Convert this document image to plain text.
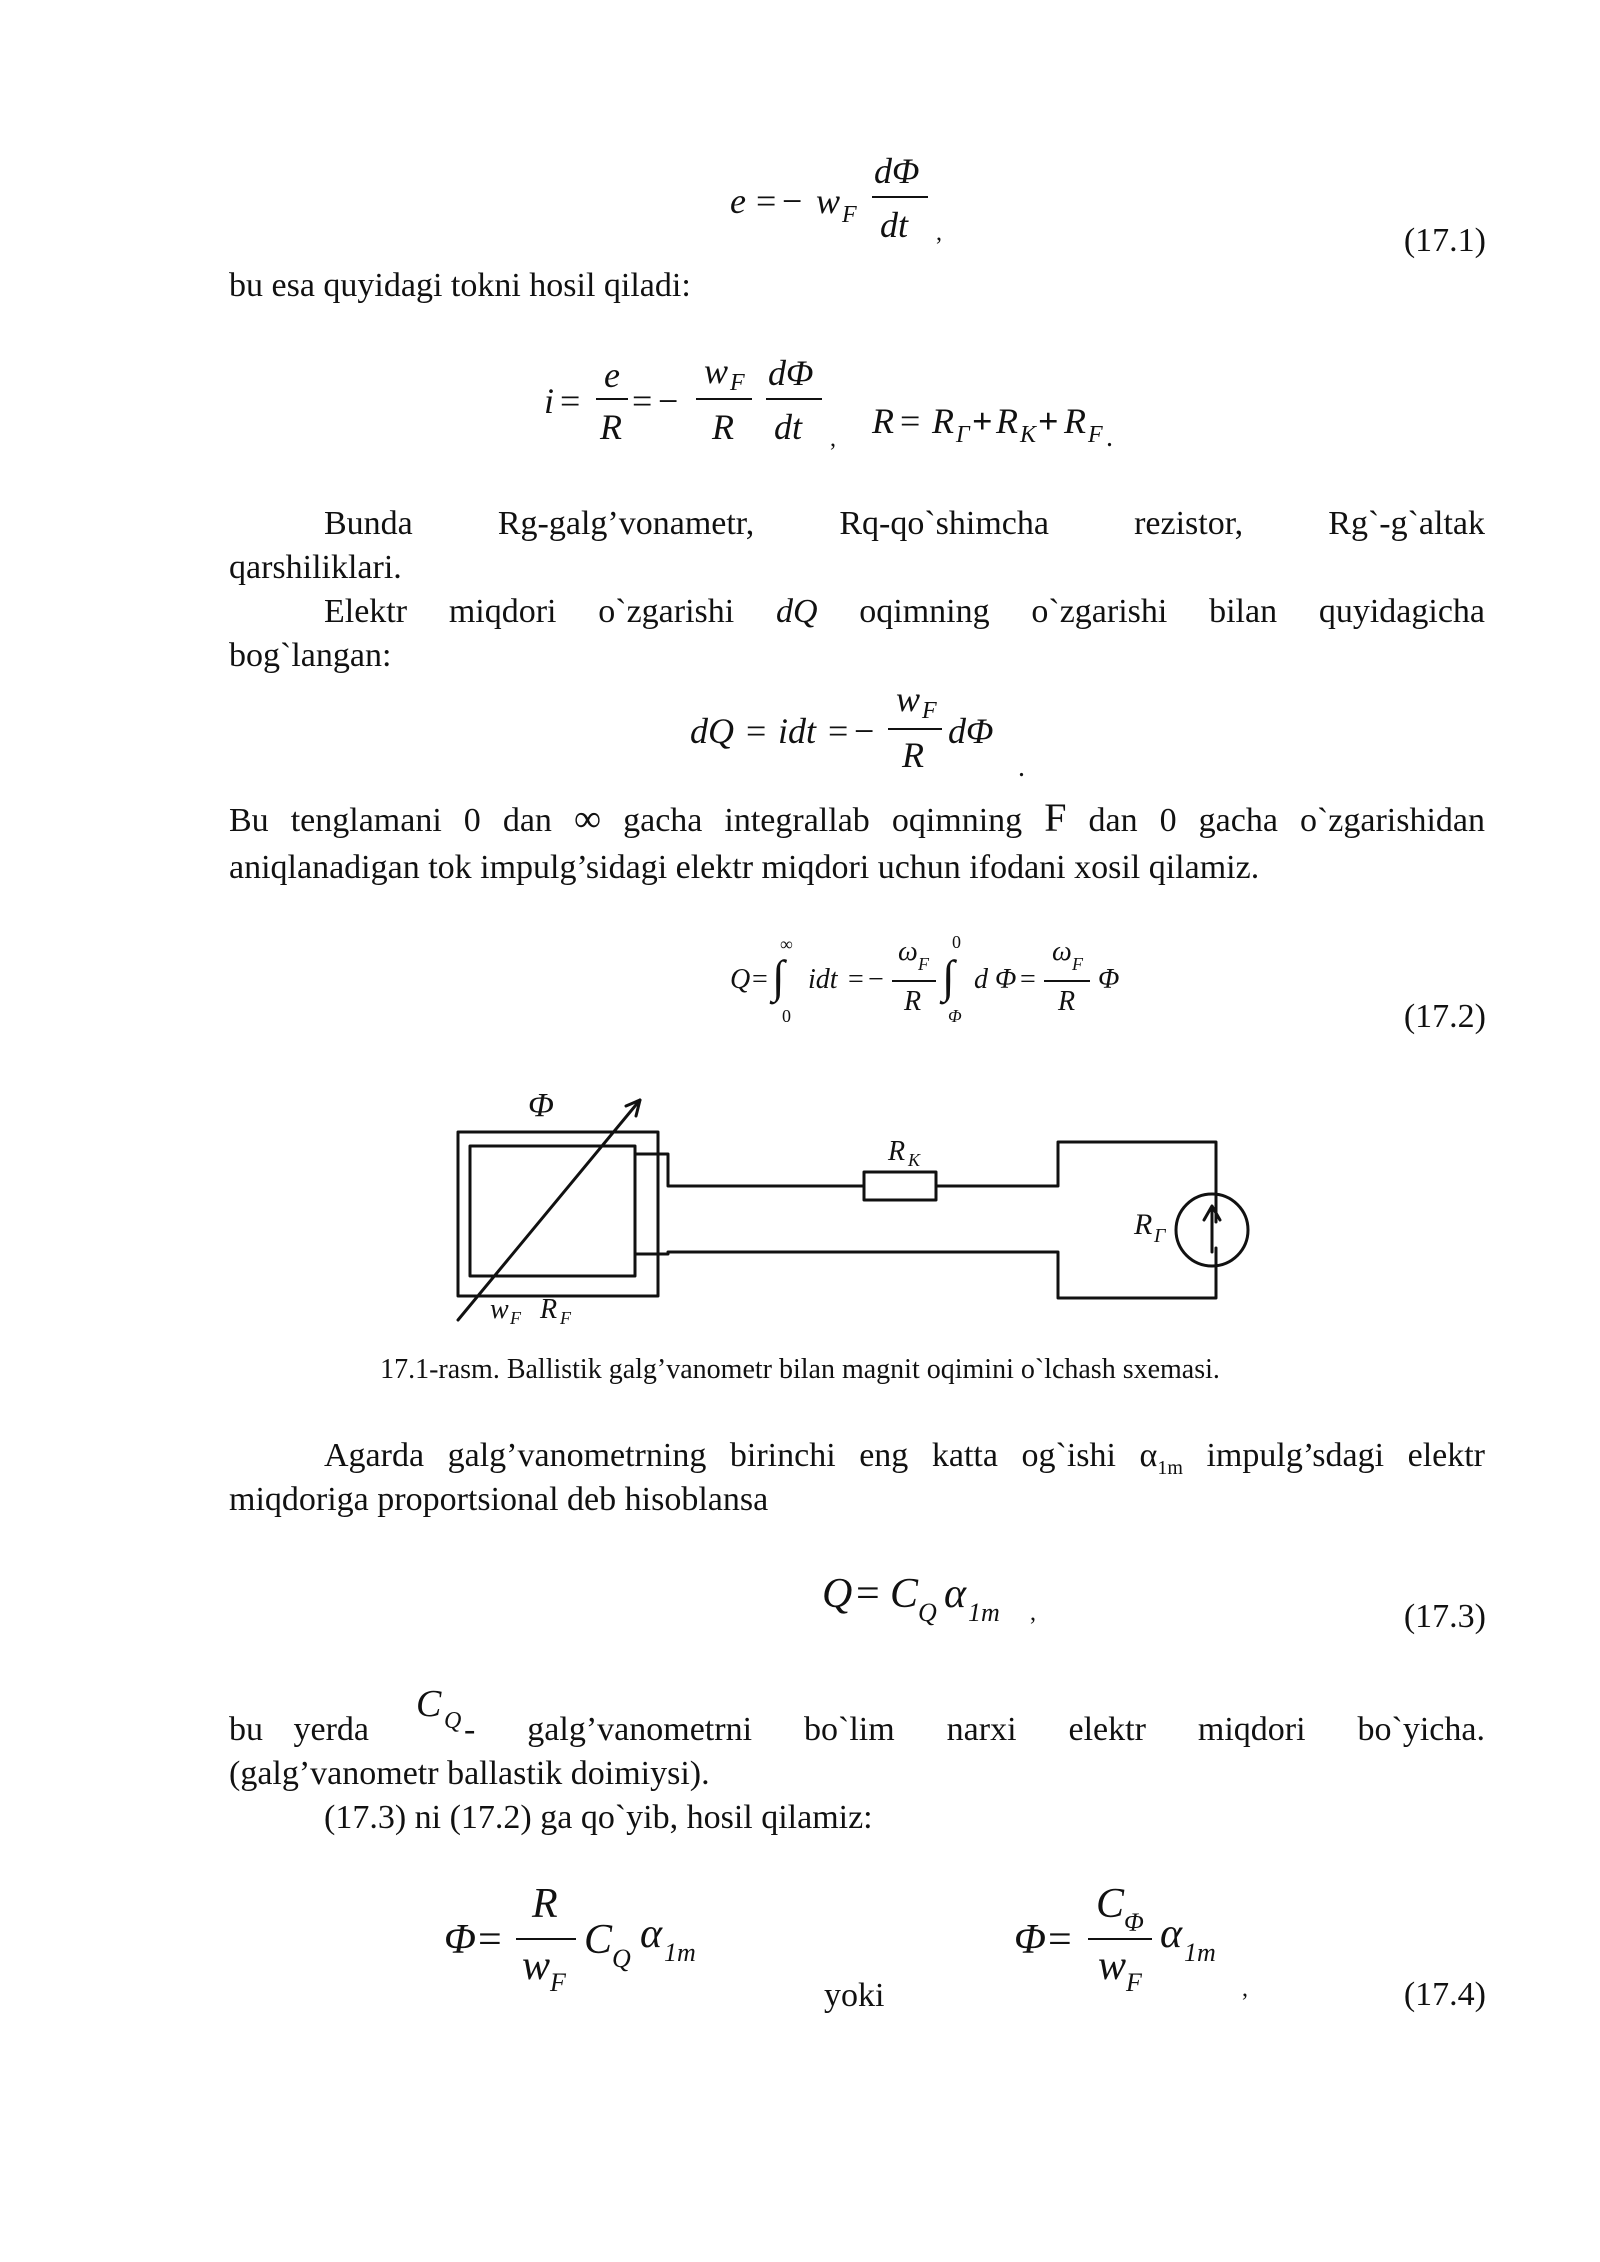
e = − w F
dΦ
dt ,	(17.1)
bu esa quyidagi tokni hosil qiladi:
i =
e
R
= −
w F
R
dΦ
dt , R = R Γ + R K + R F .
Bunda Rg-galg’vonametr, Rq-qo`shimcha rezistor, Rg`-g`altak
qarshiliklari.
Elektr miqdori o`zgarishi dQ oqimning o`zgarishi bilan quyidagicha
bog`langan:
dQ = idt = −
w F
R
dΦ
.
Bu tenglamani 0 dan ∞ gacha integrallab oqimning F dan 0 gacha o`zgarishidan
aniqlanadigan tok impulg’sidagi elektr miqdori uchun ifodani xosil qilamiz.
Q = ∫
∞
0
idt = −
ω F
R ∫
0
Φ
d Φ =
ω F
R
Φ
(17.2)
Φ
R K
R Γ
w F R F
17.1-rasm. Ballistik galg’vanometr bilan magnit oqimini o`lchash sxemasi.
Agarda galg’vanometrning birinchi eng katta og`ishi $\alpha_{1m}$ impulg’sdagi elektr
miqdoriga proportsional deb hisoblansa
Q = C Q α 1m ,	(17.3)
bu yerda
C Q - galg’vanometrni bo`lim narxi elektr miqdori bo`yicha.
(galg’vanometr ballastik doimiysi).
(17.3) ni (17.2) ga qo`yib, hosil qilamiz:
Φ =
R
w F
C Q
α 1m
yoki
Φ =
C Φ
w F
α 1m
,	(17.4)
